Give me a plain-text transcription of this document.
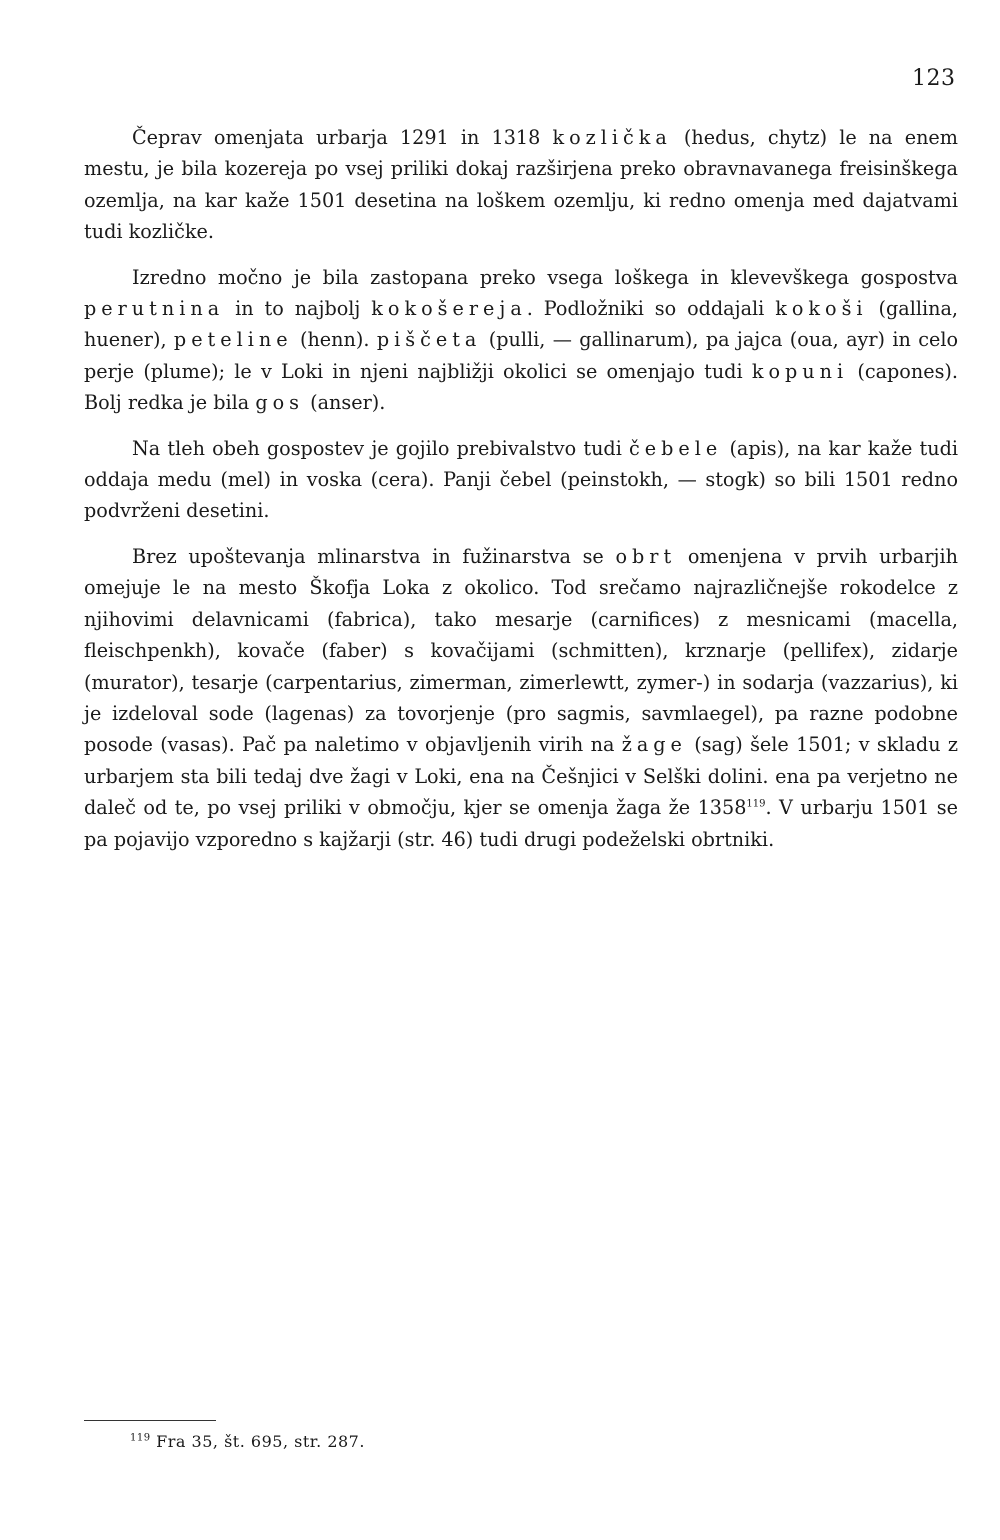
123

Čeprav omenjata urbarja 1291 in 1318 kozlička (hedus, chytz) le na enem mestu, je bila kozereja po vsej priliki dokaj razširjena preko obravnavanega freisinškega ozemlja, na kar kaže 1501 desetina na loškem ozemlju, ki redno omenja med dajatvami tudi kozličke.

Izredno močno je bila zastopana preko vsega loškega in klevevškega gospostva perutnina in to najbolj kokošereja. Podložniki so oddajali kokoši (gallina, huener), peteline (henn). piščeta (pulli, — gallinarum), pa jajca (oua, ayr) in celo perje (plume); le v Loki in njeni najbližji okolici se omenjajo tudi kopuni (capones). Bolj redka je bila gos (anser).

Na tleh obeh gospostev je gojilo prebivalstvo tudi čebele (apis), na kar kaže tudi oddaja medu (mel) in voska (cera). Panji čebel (peinstokh, — stogk) so bili 1501 redno podvrženi desetini.

Brez upoštevanja mlinarstva in fužinarstva se obrt omenjena v prvih urbarjih omejuje le na mesto Škofja Loka z okolico. Tod srečamo najrazličnejše rokodelce z njihovimi delavnicami (fabrica), tako mesarje (carnifices) z mesnicami (macella, fleischpenkh), kovače (faber) s kovačijami (schmitten), krznarje (pellifex), zidarje (murator), tesarje (carpentarius, zimerman, zimerlewtt, zymer-) in sodarja (vazzarius), ki je izdeloval sode (lagenas) za tovorjenje (pro sagmis, savmlaegel), pa razne podobne posode (vasas). Pač pa naletimo v objavljenih virih na žage (sag) šele 1501; v skladu z urbarjem sta bili tedaj dve žagi v Loki, ena na Češnjici v Selški dolini. ena pa verjetno ne daleč od te, po vsej priliki v območju, kjer se omenja žaga že 1358$^{119}$. V urbarju 1501 se pa pojavijo vzporedno s kajžarji (str. 46) tudi drugi podeželski obrtniki.

$^{119}$ Fra 35, št. 695, str. 287.
